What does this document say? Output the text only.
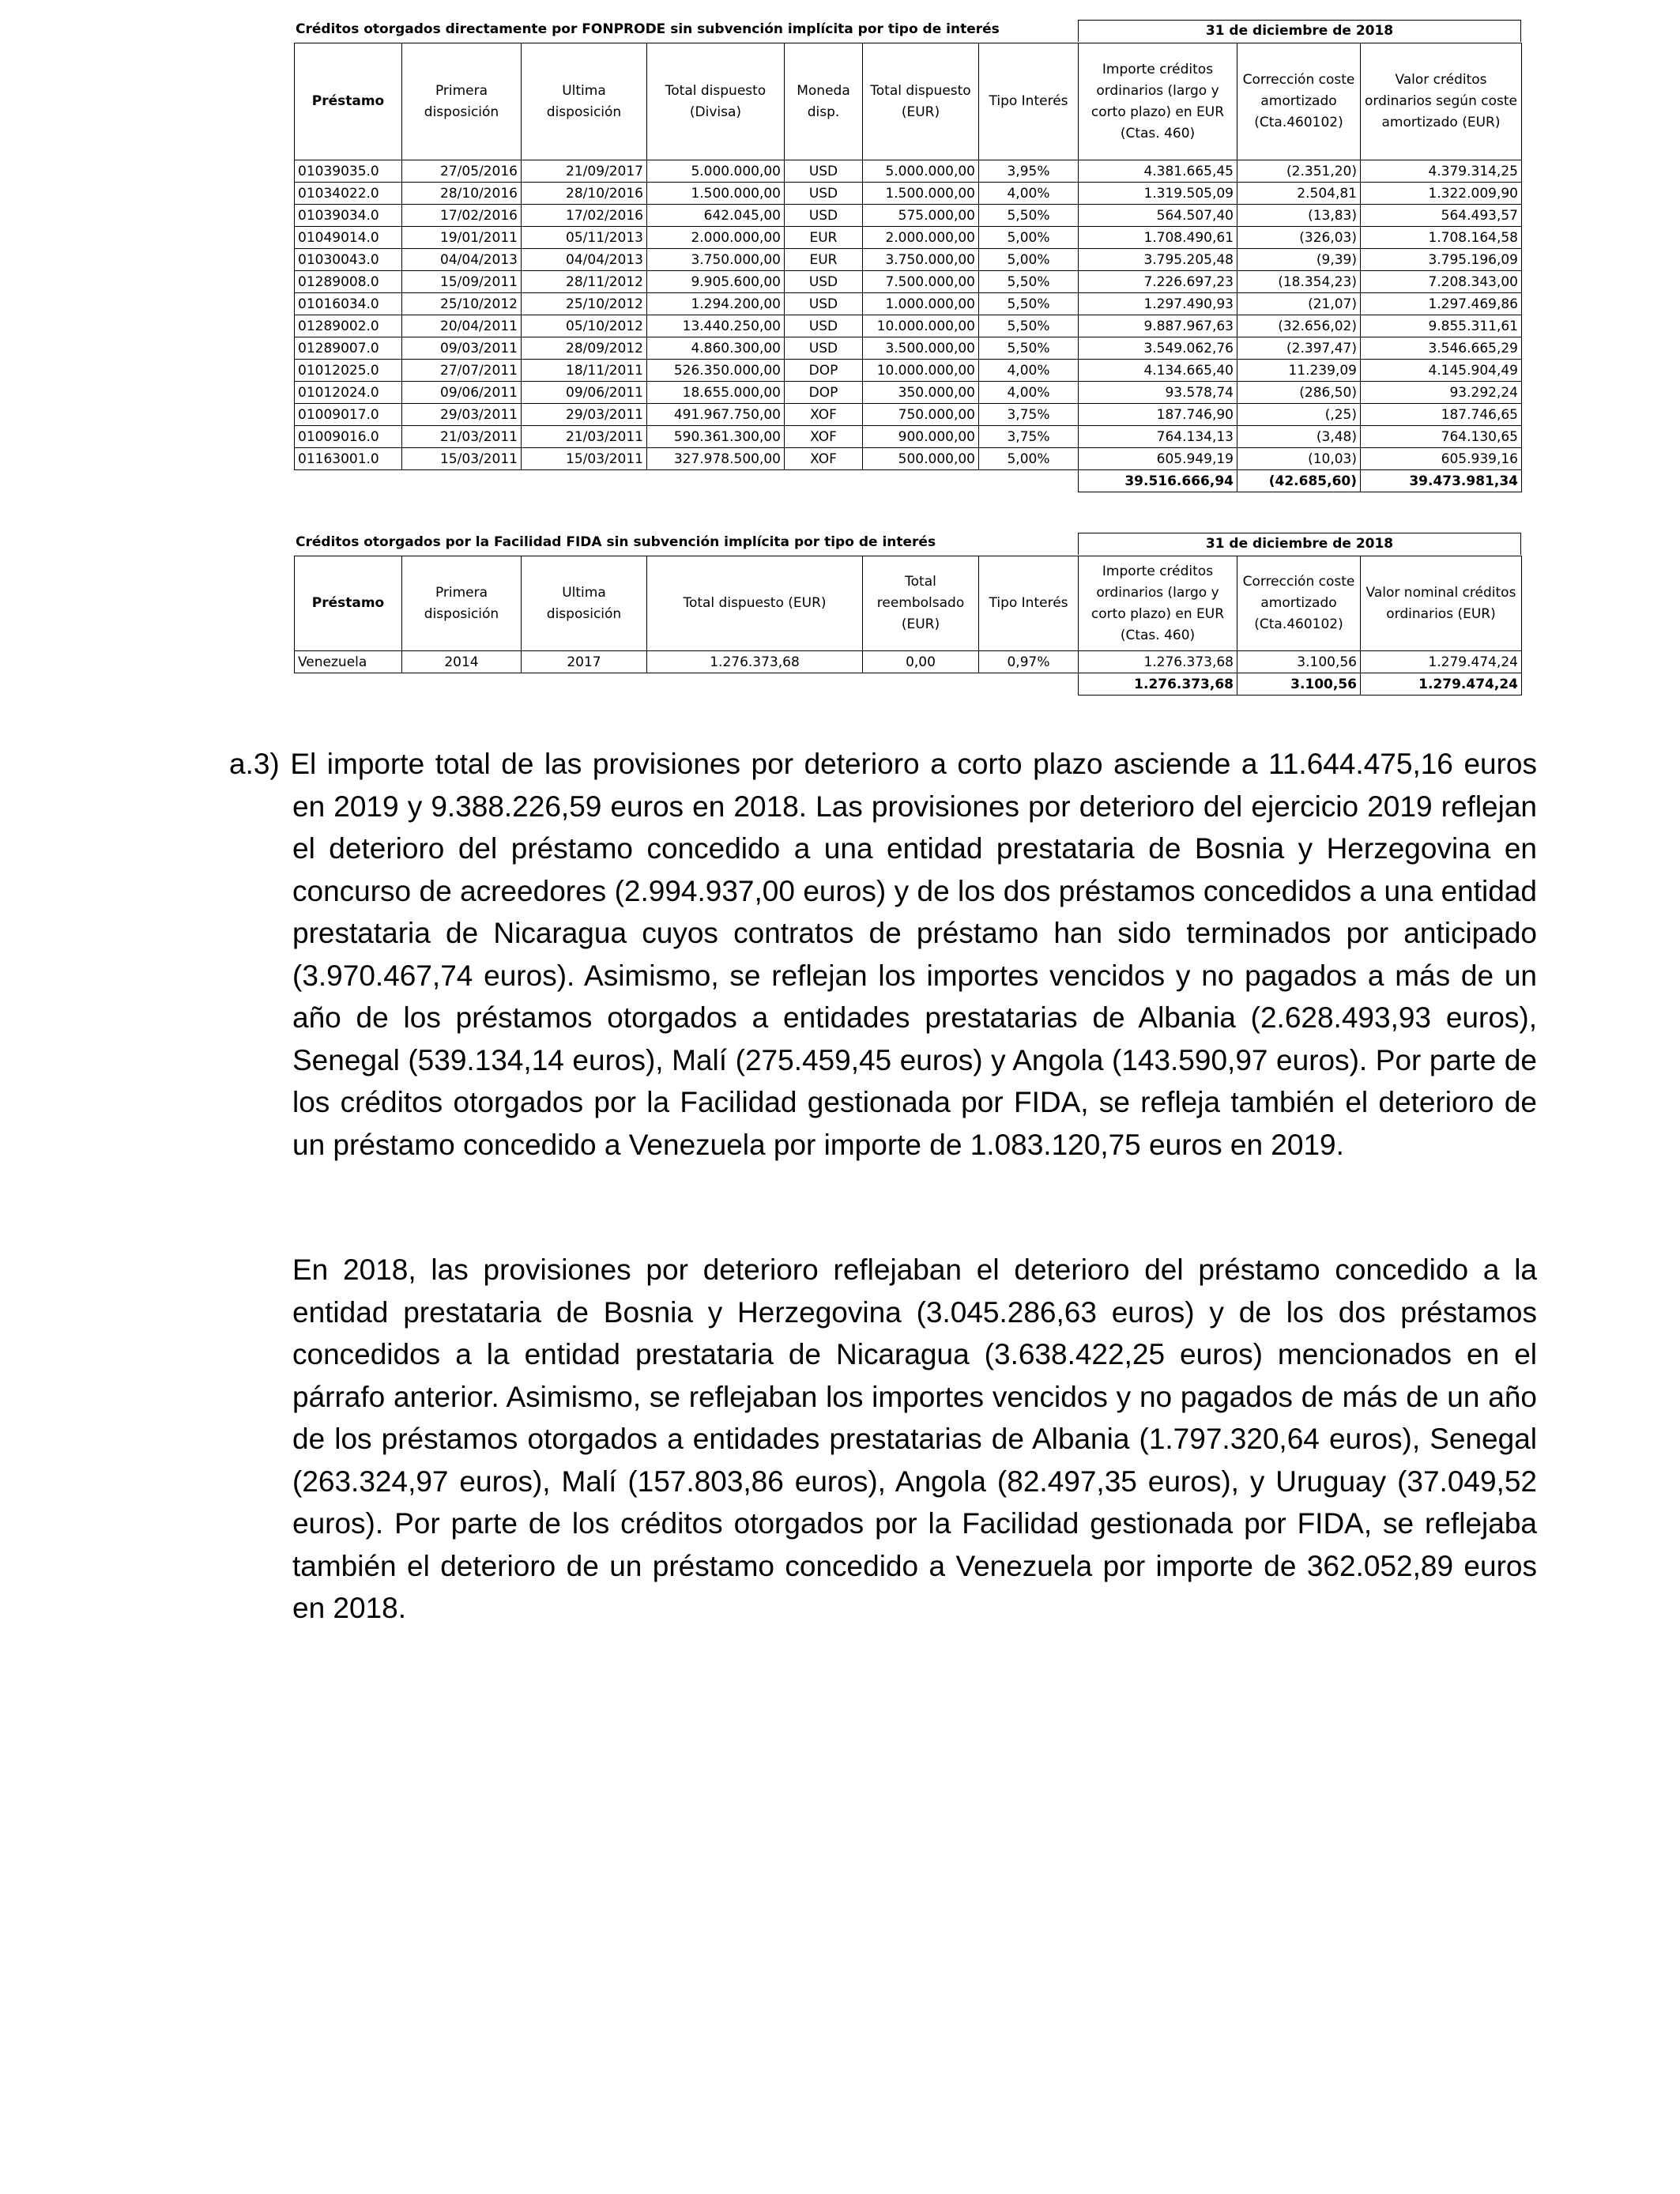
Créditos otorgados directamente por FONPRODE sin subvención implícita por tipo de interés	31 de diciembre de 2018
Préstamo	Primera disposición	Ultima disposición	Total dispuesto (Divisa)	Moneda disp.	Total dispuesto (EUR)	Tipo Interés	Importe créditos ordinarios (largo y corto plazo) en EUR (Ctas. 460)	Corrección coste amortizado (Cta.460102)	Valor créditos ordinarios según coste amortizado (EUR)
01039035.0	27/05/2016	21/09/2017	5.000.000,00	USD	5.000.000,00	3,95%	4.381.665,45	(2.351,20)	4.379.314,25
01034022.0	28/10/2016	28/10/2016	1.500.000,00	USD	1.500.000,00	4,00%	1.319.505,09	2.504,81	1.322.009,90
01039034.0	17/02/2016	17/02/2016	642.045,00	USD	575.000,00	5,50%	564.507,40	(13,83)	564.493,57
01049014.0	19/01/2011	05/11/2013	2.000.000,00	EUR	2.000.000,00	5,00%	1.708.490,61	(326,03)	1.708.164,58
01030043.0	04/04/2013	04/04/2013	3.750.000,00	EUR	3.750.000,00	5,00%	3.795.205,48	(9,39)	3.795.196,09
01289008.0	15/09/2011	28/11/2012	9.905.600,00	USD	7.500.000,00	5,50%	7.226.697,23	(18.354,23)	7.208.343,00
01016034.0	25/10/2012	25/10/2012	1.294.200,00	USD	1.000.000,00	5,50%	1.297.490,93	(21,07)	1.297.469,86
01289002.0	20/04/2011	05/10/2012	13.440.250,00	USD	10.000.000,00	5,50%	9.887.967,63	(32.656,02)	9.855.311,61
01289007.0	09/03/2011	28/09/2012	4.860.300,00	USD	3.500.000,00	5,50%	3.549.062,76	(2.397,47)	3.546.665,29
01012025.0	27/07/2011	18/11/2011	526.350.000,00	DOP	10.000.000,00	4,00%	4.134.665,40	11.239,09	4.145.904,49
01012024.0	09/06/2011	09/06/2011	18.655.000,00	DOP	350.000,00	4,00%	93.578,74	(286,50)	93.292,24
01009017.0	29/03/2011	29/03/2011	491.967.750,00	XOF	750.000,00	3,75%	187.746,90	(,25)	187.746,65
01009016.0	21/03/2011	21/03/2011	590.361.300,00	XOF	900.000,00	3,75%	764.134,13	(3,48)	764.130,65
01163001.0	15/03/2011	15/03/2011	327.978.500,00	XOF	500.000,00	5,00%	605.949,19	(10,03)	605.939,16
							39.516.666,94	(42.685,60)	39.473.981,34
Créditos otorgados por la Facilidad FIDA sin subvención implícita por tipo de interés	31 de diciembre de 2018
Préstamo	Primera disposición	Ultima disposición	Total dispuesto (EUR)	Total reembolsado (EUR)	Tipo Interés	Importe créditos ordinarios (largo y corto plazo) en EUR (Ctas. 460)	Corrección coste amortizado (Cta.460102)	Valor nominal créditos ordinarios (EUR)
Venezuela	2014	2017	1.276.373,68	0,00	0,97%	1.276.373,68	3.100,56	1.279.474,24
						1.276.373,68	3.100,56	1.279.474,24

a.3) El importe total de las provisiones por deterioro a corto plazo asciende a 11.644.475,16 euros en 2019 y 9.388.226,59 euros en 2018. Las provisiones por deterioro del ejercicio 2019 reflejan el deterioro del préstamo concedido a una entidad prestataria de Bosnia y Herzegovina en concurso de acreedores (2.994.937,00 euros) y de los dos préstamos concedidos a una entidad prestataria de Nicaragua cuyos contratos de préstamo han sido terminados por anticipado (3.970.467,74 euros). Asimismo, se reflejan los importes vencidos y no pagados a más de un año de los préstamos otorgados a entidades prestatarias de Albania (2.628.493,93 euros), Senegal (539.134,14 euros), Malí (275.459,45 euros) y Angola (143.590,97 euros). Por parte de los créditos otorgados por la Facilidad gestionada por FIDA, se refleja también el deterioro de un préstamo concedido a Venezuela por importe de 1.083.120,75 euros en 2019.

En 2018, las provisiones por deterioro reflejaban el deterioro del préstamo concedido a la entidad prestataria de Bosnia y Herzegovina (3.045.286,63 euros) y de los dos préstamos concedidos a la entidad prestataria de Nicaragua (3.638.422,25 euros) mencionados en el párrafo anterior. Asimismo, se reflejaban los importes vencidos y no pagados de más de un año de los préstamos otorgados a entidades prestatarias de Albania (1.797.320,64 euros), Senegal (263.324,97 euros), Malí (157.803,86 euros), Angola (82.497,35 euros), y Uruguay (37.049,52 euros). Por parte de los créditos otorgados por la Facilidad gestionada por FIDA, se reflejaba también el deterioro de un préstamo concedido a Venezuela por importe de 362.052,89 euros en 2018.
